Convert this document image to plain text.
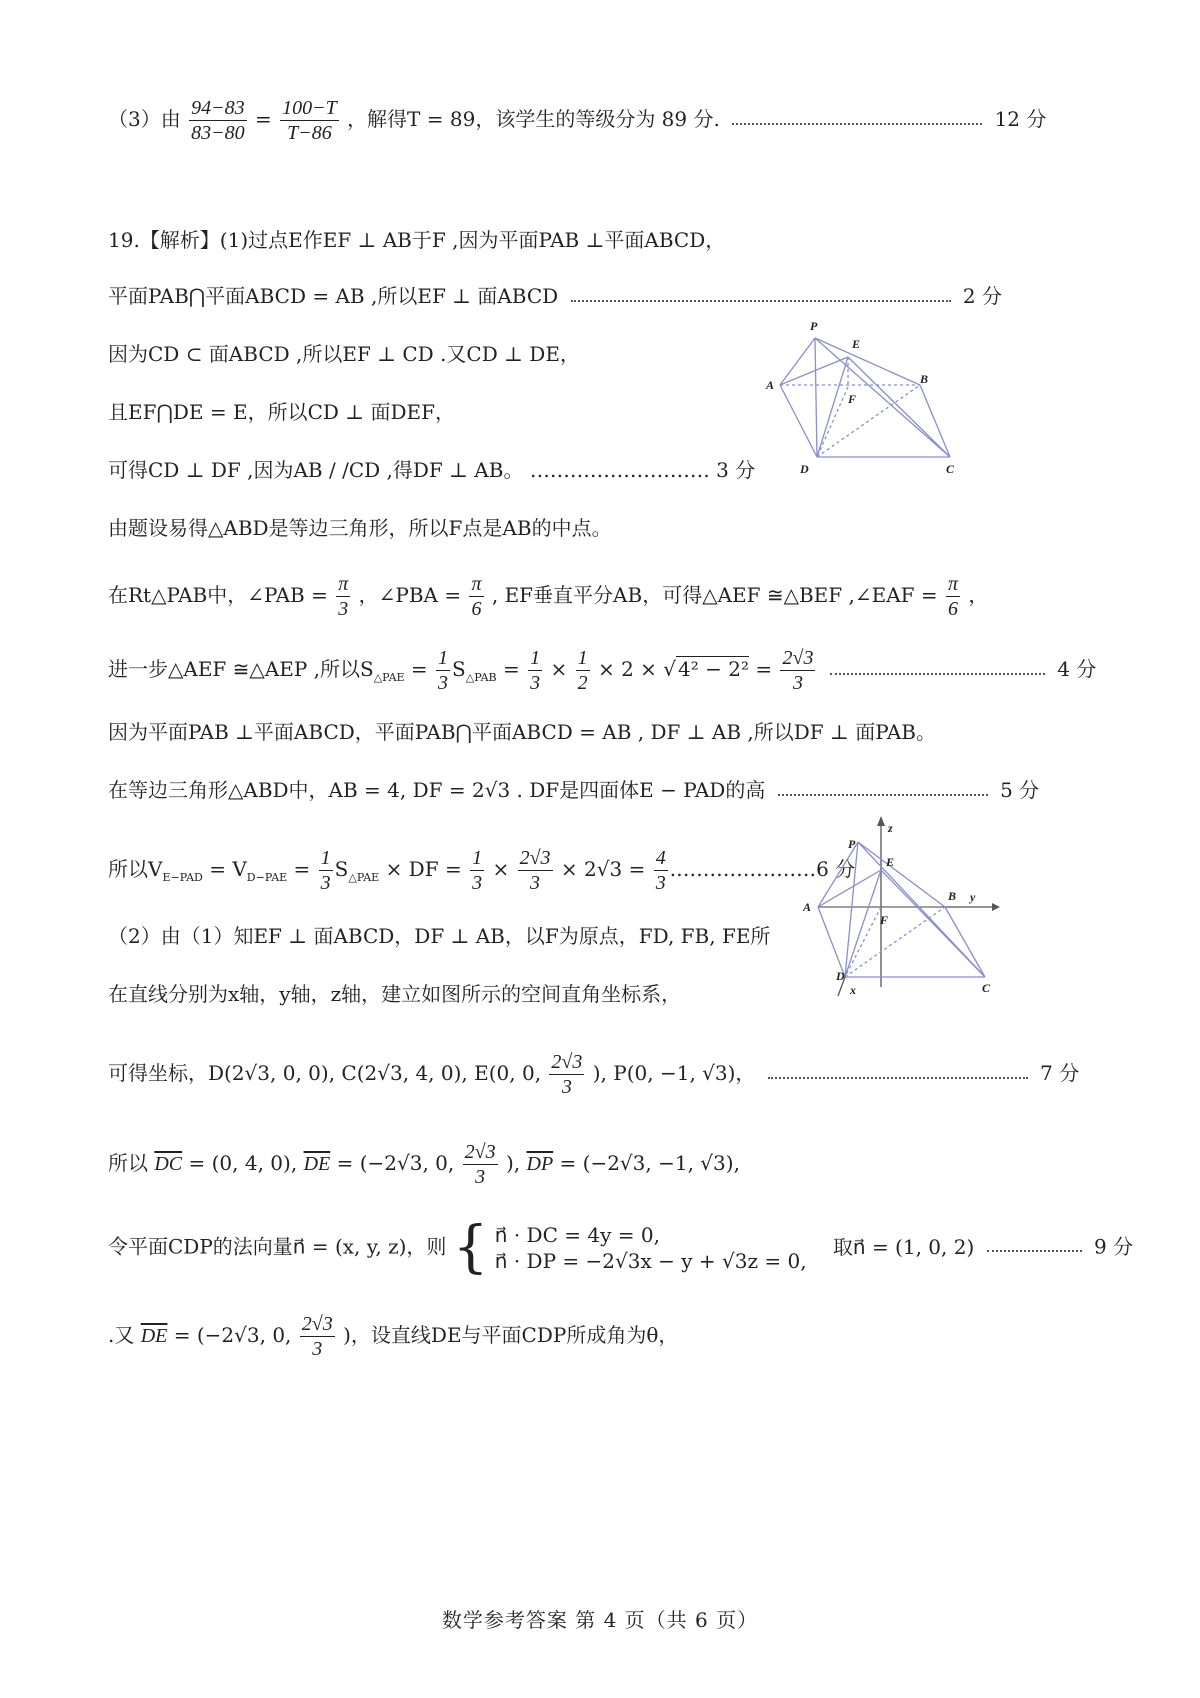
（3）由 $\frac{94-83}{83-80} = \frac{100-T}{T-86}$ ，解得T = 89，该学生的等级分为 89 分.	12 分
19.【解析】(1)过点E作EF ⊥ AB于F ,因为平面PAB ⊥平面ABCD，
平面PAB⋂平面ABCD = AB ,所以EF ⊥ 面ABCD	2 分
因为CD ⊂ 面ABCD ,所以EF ⊥ CD .又CD ⊥ DE，
且EF⋂DE = E，所以CD ⊥ 面DEF，
可得CD ⊥ DF ,因为AB / /CD ,得DF ⊥ AB。 ……………………… 3 分
P
E
A	B
F
D	C
由题设易得△ABD是等边三角形，所以F点是AB的中点。
在Rt△PAB中，∠PAB = $\frac{\pi}{3}$ ，∠PBA = $\frac{\pi}{6}$ , EF垂直平分AB，可得△AEF ≅△BEF ,∠EAF = $\frac{\pi}{6}$ ，
进一步△AEF ≅△AEP ,所以$S_{\triangle PAE} = \frac{1}{3} S_{\triangle PAB} = \frac{1}{3} \times \frac{1}{2} \times 2$ × √ $4^2 - 2^2 = \frac{2√3}{3}$	4 分
因为平面PAB ⊥平面ABCD，平面PAB⋂平面ABCD = AB , DF ⊥ AB ,所以DF ⊥ 面PAB。
在等边三角形△ABD中，AB = 4, DF = 2√3 . DF是四面体E − PAD的高	5 分
所以$V_{E-PAD} = V_{D-PAE} = \frac{1}{3} S_{\triangle PAE}$ × DF = $\frac{1}{3} \times \frac{2√3}{3} \times 2√3 = \frac{4}{3}$ .…………………6 分
P
E
A
B
F
D
C
x
y
z
（2）由（1）知EF ⊥ 面ABCD，DF ⊥ AB，以F为原点，FD, FB, FE所
在直线分别为x轴，y轴，z轴，建立如图所示的空间直角坐标系，
可得坐标，D(2√3, 0, 0), C(2√3, 4, 0), E(0, 0, $\frac{2√3}{3}$ ), P(0, −1, √3)，	7 分
所以 $\overline{DC} = (0$, 4, 0), $\overline{DE} = (-2√3$, 0, $\frac{2√3}{3}$ ), $\overline{DP} = (-2√3$, −1, √3),
令平面CDP的法向量n⃗ = (x, y, z)，则 { n⃗ · DC = 4y = 0,
n⃗ · DP = −2√3x − y + √3z = 0,
取n⃗ = (1, 0, 2)	9 分
.又 $\overline{DE} = (-2√3$, 0, $\frac{2√3}{3}$ )，设直线DE与平面CDP所成角为θ，
数学参考答案 第 4 页（共 6 页）
